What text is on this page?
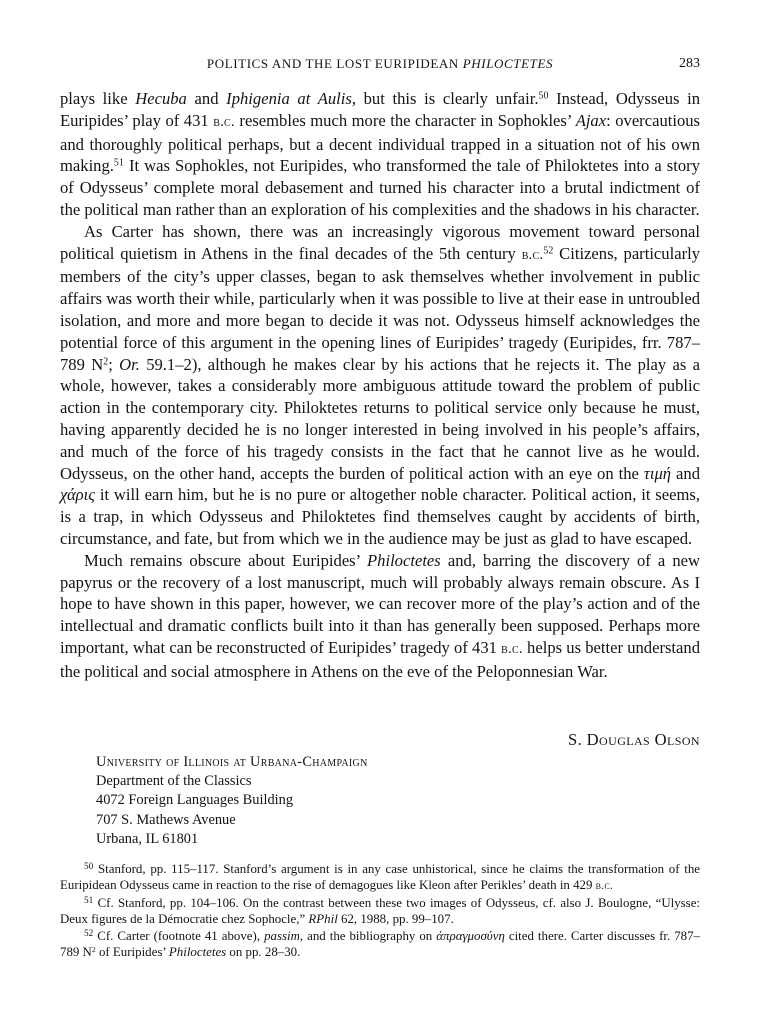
POLITICS AND THE LOST EURIPIDEAN PHILOCTETES	283

plays like Hecuba and Iphigenia at Aulis, but this is clearly unfair.$^{50}$ Instead, Odysseus in Euripides’ play of 431 b.c. resembles much more the character in Sophokles’ Ajax: overcautious and thoroughly political perhaps, but a decent individual trapped in a situation not of his own making.$^{51}$ It was Sophokles, not Euripides, who transformed the tale of Philoktetes into a story of Odysseus’ complete moral debasement and turned his character into a brutal indictment of the political man rather than an exploration of his complexities and the shadows in his character.

As Carter has shown, there was an increasingly vigorous movement toward personal political quietism in Athens in the final decades of the 5th century b.c.$^{52}$ Citizens, particularly members of the city’s upper classes, began to ask themselves whether involvement in public affairs was worth their while, particularly when it was possible to live at their ease in untroubled isolation, and more and more began to decide it was not. Odysseus himself acknowledges the potential force of this argument in the opening lines of Euripides’ tragedy (Euripides, frr. 787–789 $N^2$; Or. 59.1–2), although he makes clear by his actions that he rejects it. The play as a whole, however, takes a considerably more ambiguous attitude toward the problem of public action in the contemporary city. Philoktetes returns to political service only because he must, having apparently decided he is no longer interested in being involved in his people’s affairs, and much of the force of his tragedy consists in the fact that he cannot live as he would. Odysseus, on the other hand, accepts the burden of political action with an eye on the τιμή and χάρις it will earn him, but he is no pure or altogether noble character. Political action, it seems, is a trap, in which Odysseus and Philoktetes find themselves caught by accidents of birth, circumstance, and fate, but from which we in the audience may be just as glad to have escaped.

Much remains obscure about Euripides’ Philoctetes and, barring the discovery of a new papyrus or the recovery of a lost manuscript, much will probably always remain obscure. As I hope to have shown in this paper, however, we can recover more of the play’s action and of the intellectual and dramatic conflicts built into it than has generally been supposed. Perhaps more important, what can be reconstructed of Euripides’ tragedy of 431 b.c. helps us better understand the political and social atmosphere in Athens on the eve of the Peloponnesian War.

S. Douglas Olson
University of Illinois at Urbana-Champaign
Department of the Classics
4072 Foreign Languages Building
707 S. Mathews Avenue
Urbana, IL 61801

$^{50}$ Stanford, pp. 115–117. Stanford’s argument is in any case unhistorical, since he claims the transformation of the Euripidean Odysseus came in reaction to the rise of demagogues like Kleon after Perikles’ death in 429 b.c.

$^{51}$ Cf. Stanford, pp. 104–106. On the contrast between these two images of Odysseus, cf. also J. Boulogne, “Ulysse: Deux figures de la Démocratie chez Sophocle,” RPhil 62, 1988, pp. 99–107.

$^{52}$ Cf. Carter (footnote 41 above), passim, and the bibliography on ἀπραγμοσύνη cited there. Carter discusses fr. 787–789 $N^2$ of Euripides’ Philoctetes on pp. 28–30.
